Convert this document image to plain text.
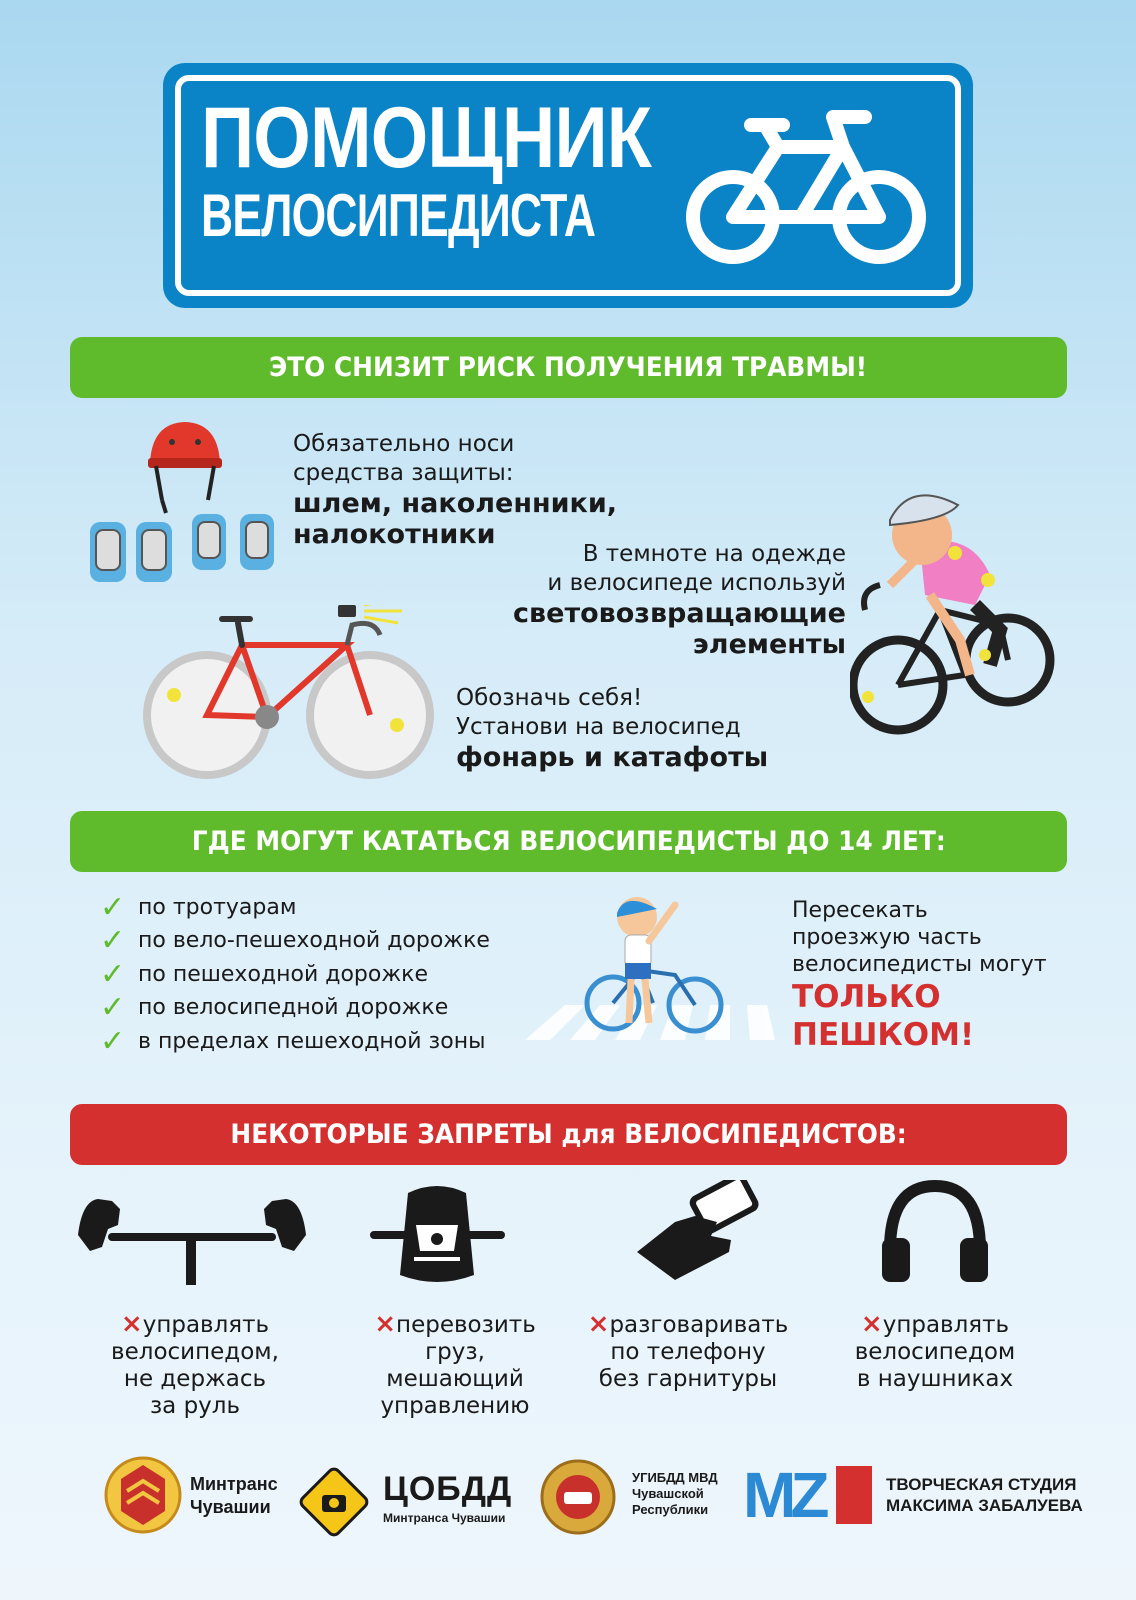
ПОМОЩНИК
ВЕЛОСИПЕДИСТА
ЭТО СНИЗИТ РИСК ПОЛУЧЕНИЯ ТРАВМЫ!
Обязательно носи
средства защиты:
шлем, наколенники,
налокотники
В темноте на одежде
и велосипеде используй
световозвращающие
элементы
Обозначь себя!
Установи на велосипед
фонарь и катафоты
ГДЕ МОГУТ КАТАТЬСЯ ВЕЛОСИПЕДИСТЫ ДО 14 ЛЕТ:
✓ по тротуарам
✓ по вело-пешеходной дорожке
✓ по пешеходной дорожке
✓ по велосипедной дорожке
✓ в пределах пешеходной зоны
Пересекать
проезжую часть
велосипедисты могут
ТОЛЬКО
ПЕШКОМ!
НЕКОТОРЫЕ ЗАПРЕТЫ для ВЕЛОСИПЕДИСТОВ:
×управлять
велосипедом,
не держась
за руль
×перевозить
груз,
мешающий
управлению
×разговаривать
по телефону
без гарнитуры
×управлять
велосипедом
в наушниках
Минтранс
Чувашии	ЦОБДД
Минтранса Чувашии
УГИБДД МВД
Чувашской
Республики MZ	ТВОРЧЕСКАЯ СТУДИЯ
МАКСИМА ЗАБАЛУЕВА
